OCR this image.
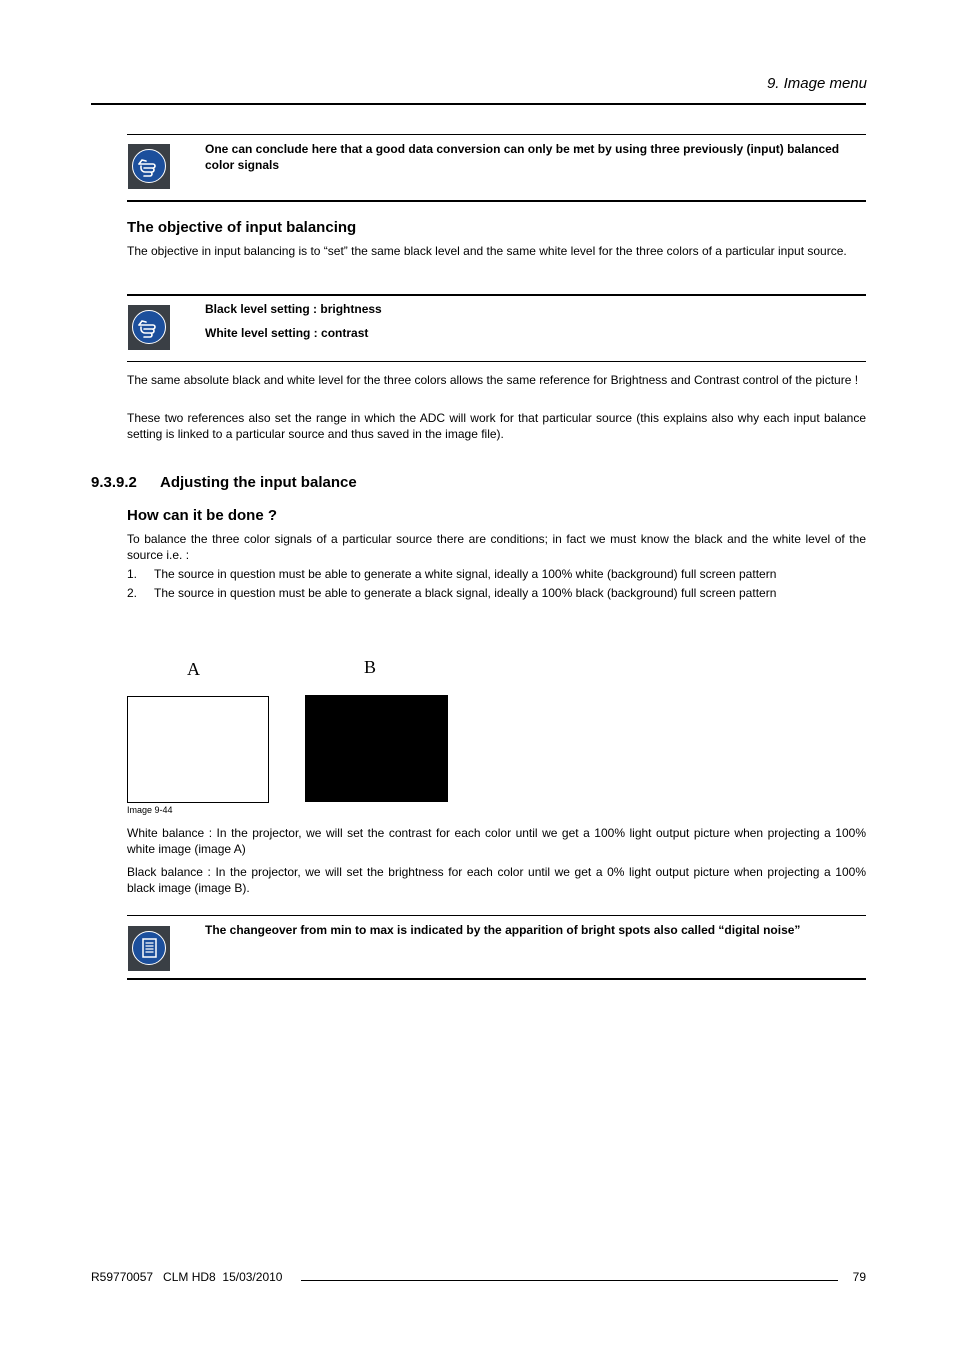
9. Image menu
One can conclude here that a good data conversion can only be met by using three previously (input) balanced color signals
The objective of input balancing
The objective in input balancing is to “set” the same black level and the same white level for the three colors of a particular input source.
Black level setting : brightness
White level setting : contrast
The same absolute black and white level for the three colors allows the same reference for Brightness and Contrast control of the picture !
These two references also set the range in which the ADC will work for that particular source (this explains also why each input balance setting is linked to a particular source and thus saved in the image file).
9.3.9.2 Adjusting the input balance
How can it be done ?
To balance the three color signals of a particular source there are conditions; in fact we must know the black and the white level of the source i.e. :
1. The source in question must be able to generate a white signal, ideally a 100% white (background) full screen pattern
2. The source in question must be able to generate a black signal, ideally a 100% black (background) full screen pattern
A	B
Image 9-44
White balance : In the projector, we will set the contrast for each color until we get a 100% light output picture when projecting a 100% white image (image A)
Black balance : In the projector, we will set the brightness for each color until we get a 0% light output picture when projecting a 100% black image (image B).
The changeover from min to max is indicated by the apparition of bright spots also called “digital noise”
R59770057   CLM HD8  15/03/2010	79
